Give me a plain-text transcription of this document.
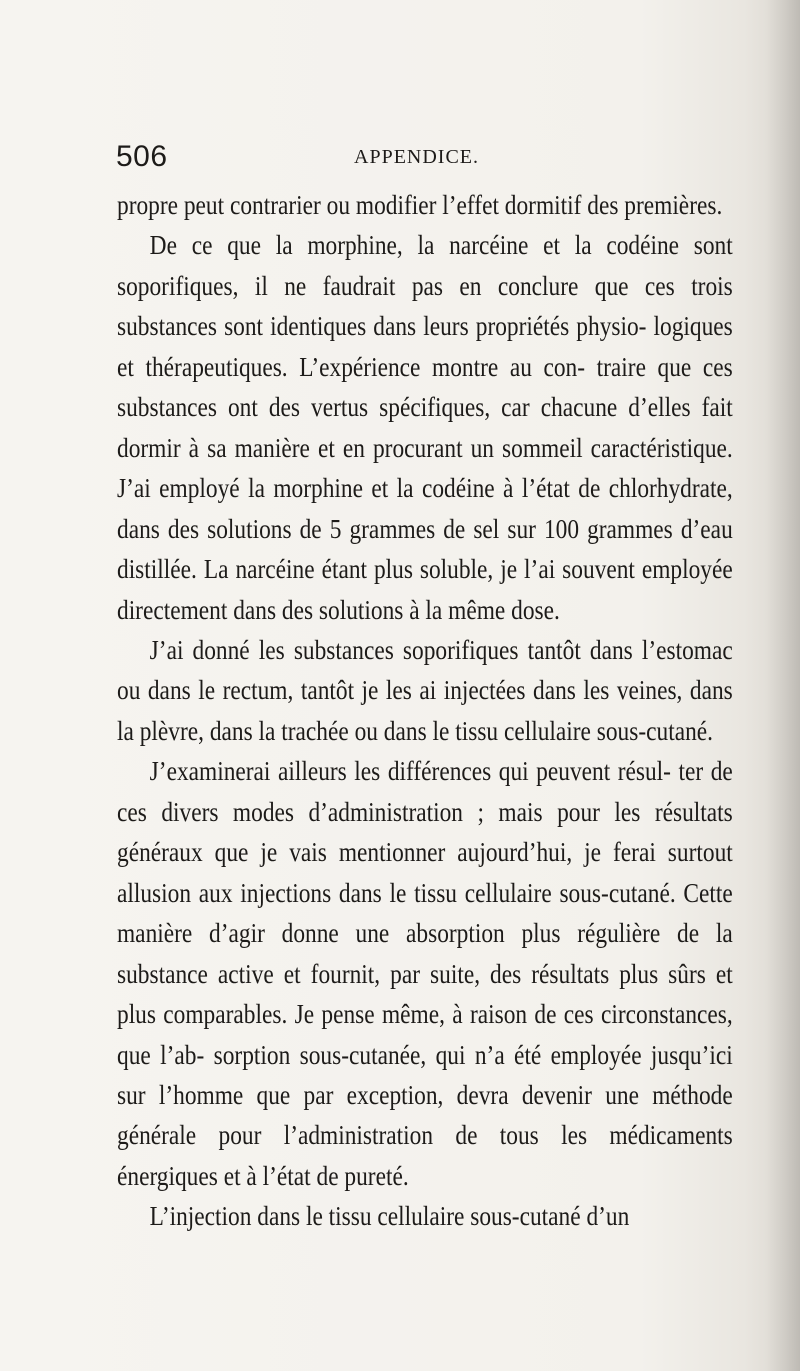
506	APPENDICE.

propre peut contrarier ou modifier l’effet dormitif des premières.

De ce que la morphine, la narcéine et la codéine sont soporifiques, il ne faudrait pas en conclure que ces trois substances sont identiques dans leurs propriétés physio- logiques et thérapeutiques. L’expérience montre au con- traire que ces substances ont des vertus spécifiques, car chacune d’elles fait dormir à sa manière et en procurant un sommeil caractéristique. J’ai employé la morphine et la codéine à l’état de chlorhydrate, dans des solutions de 5 grammes de sel sur 100 grammes d’eau distillée. La narcéine étant plus soluble, je l’ai souvent employée directement dans des solutions à la même dose.

J’ai donné les substances soporifiques tantôt dans l’estomac ou dans le rectum, tantôt je les ai injectées dans les veines, dans la plèvre, dans la trachée ou dans le tissu cellulaire sous-cutané.

J’examinerai ailleurs les différences qui peuvent résul- ter de ces divers modes d’administration ; mais pour les résultats généraux que je vais mentionner aujourd’hui, je ferai surtout allusion aux injections dans le tissu cellulaire sous-cutané. Cette manière d’agir donne une absorption plus régulière de la substance active et fournit, par suite, des résultats plus sûrs et plus comparables. Je pense même, à raison de ces circonstances, que l’ab- sorption sous-cutanée, qui n’a été employée jusqu’ici sur l’homme que par exception, devra devenir une méthode générale pour l’administration de tous les médicaments énergiques et à l’état de pureté.

L’injection dans le tissu cellulaire sous-cutané d’un
